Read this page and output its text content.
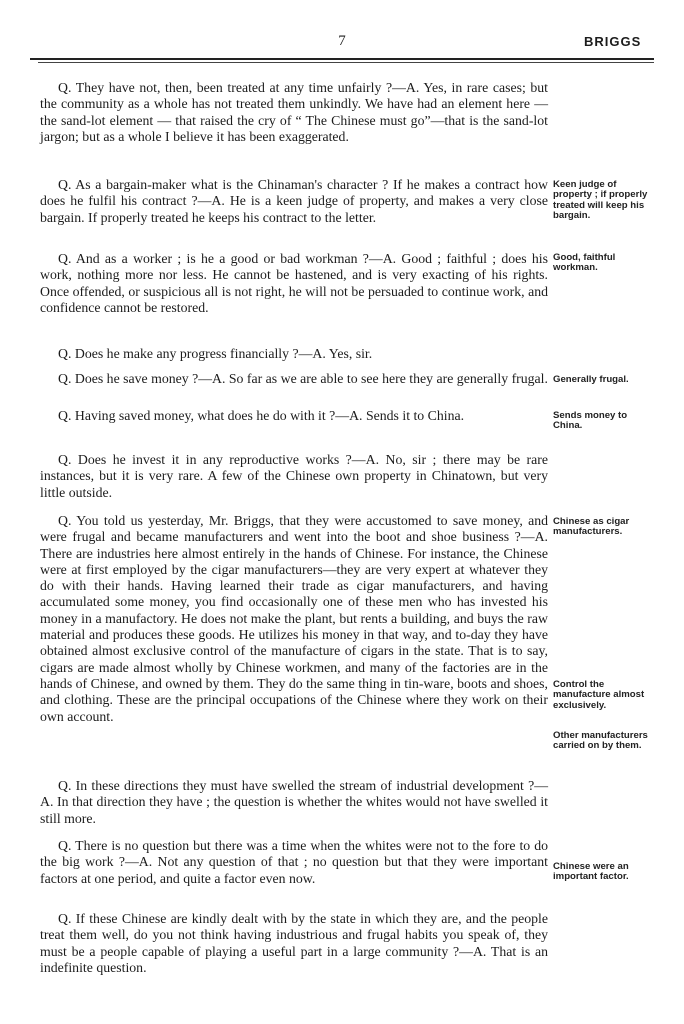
7	BRIGGS

Q. They have not, then, been treated at any time unfairly ?—A. Yes, in rare cases; but the community as a whole has not treated them unkindly. We have had an element here — the sand-lot element — that raised the cry of “ The Chinese must go”—that is the sand-lot jargon; but as a whole I believe it has been exaggerated.

Q. As a bargain-maker what is the Chinaman's character ? If he makes a contract how does he fulfil his contract ?—A. He is a keen judge of property, and makes a very close bargain. If properly treated he keeps his contract to the letter.

Q. And as a worker ; is he a good or bad workman ?—A. Good ; faithful ; does his work, nothing more nor less. He cannot be hastened, and is very exacting of his rights. Once offended, or suspicious all is not right, he will not be persuaded to continue work, and confidence cannot be restored.

Q. Does he make any progress financially ?—A. Yes, sir.

Q. Does he save money ?—A. So far as we are able to see here they are generally frugal.

Q. Having saved money, what does he do with it ?—A. Sends it to China.

Q. Does he invest it in any reproductive works ?—A. No, sir ; there may be rare instances, but it is very rare. A few of the Chinese own property in Chinatown, but very little outside.

Q. You told us yesterday, Mr. Briggs, that they were accustomed to save money, and were frugal and became manufacturers and went into the boot and shoe business ?—A. There are industries here almost entirely in the hands of Chinese. For instance, the Chinese were at first employed by the cigar manufacturers—they are very expert at whatever they do with their hands. Having learned their trade as cigar manufacturers, and having accumulated some money, you find occasionally one of these men who has invested his money in a manufactory. He does not make the plant, but rents a building, and buys the raw material and produces these goods. He utilizes his money in that way, and to-day they have obtained almost exclusive control of the manufacture of cigars in the state. That is to say, cigars are made almost wholly by Chinese workmen, and many of the factories are in the hands of Chinese, and owned by them. They do the same thing in tin-ware, boots and shoes, and clothing. These are the principal occupations of the Chinese where they work on their own account.

Q. In these directions they must have swelled the stream of industrial development ?—A. In that direction they have ; the question is whether the whites would not have swelled it still more.

Q. There is no question but there was a time when the whites were not to the fore to do the big work ?—A. Not any question of that ; no question but that they were important factors at one period, and quite a factor even now.

Q. If these Chinese are kindly dealt with by the state in which they are, and the people treat them well, do you not think having industrious and frugal habits you speak of, they must be a people capable of playing a useful part in a large community ?—A. That is an indefinite question.

Keen judge of property ; if properly treated will keep his bargain.
Good, faithful workman.
Generally frugal.
Sends money to China.
Chinese as cigar manufacturers.
Control the manufacture almost exclusively.
Other manufacturers carried on by them.
Chinese were an important factor.
